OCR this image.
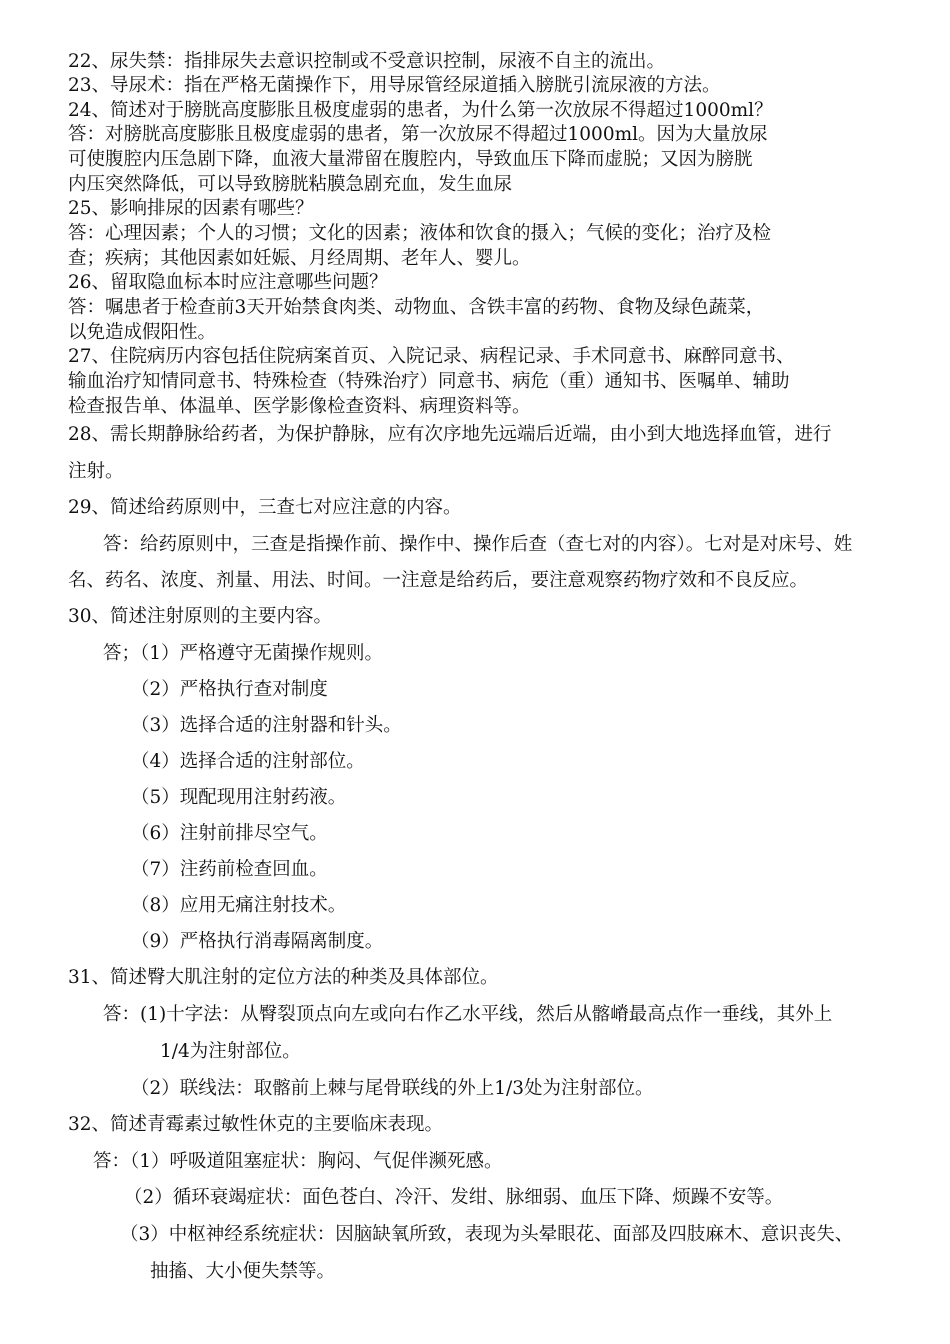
22、尿失禁：指排尿失去意识控制或不受意识控制，尿液不自主的流出。
23、导尿术：指在严格无菌操作下，用导尿管经尿道插入膀胱引流尿液的方法。
24、简述对于膀胱高度膨胀且极度虚弱的患者，为什么第一次放尿不得超过1000ml？
答：对膀胱高度膨胀且极度虚弱的患者，第一次放尿不得超过1000ml。因为大量放尿
可使腹腔内压急剧下降，血液大量滞留在腹腔内，导致血压下降而虚脱；又因为膀胱
内压突然降低，可以导致膀胱粘膜急剧充血，发生血尿
25、影响排尿的因素有哪些？
答：心理因素；个人的习惯；文化的因素；液体和饮食的摄入；气候的变化；治疗及检
查；疾病；其他因素如妊娠、月经周期、老年人、婴儿。
26、留取隐血标本时应注意哪些问题？
答：嘱患者于检查前3天开始禁食肉类、动物血、含铁丰富的药物、食物及绿色蔬菜，
以免造成假阳性。
27、住院病历内容包括住院病案首页、入院记录、病程记录、手术同意书、麻醉同意书、
输血治疗知情同意书、特殊检查（特殊治疗）同意书、病危（重）通知书、医嘱单、辅助
检查报告单、体温单、医学影像检查资料、病理资料等。
28、需长期静脉给药者，为保护静脉，应有次序地先远端后近端，由小到大地选择血管，进行
注射。
29、简述给药原则中，三查七对应注意的内容。
答：给药原则中，三查是指操作前、操作中、操作后查（查七对的内容）。七对是对床号、姓
名、药名、浓度、剂量、用法、时间。一注意是给药后，要注意观察药物疗效和不良反应。
30、简述注射原则的主要内容。
答；（1）严格遵守无菌操作规则。
（2）严格执行查对制度
（3）选择合适的注射器和针头。
（4）选择合适的注射部位。
（5）现配现用注射药液。
（6）注射前排尽空气。
（7）注药前检查回血。
（8）应用无痛注射技术。
（9）严格执行消毒隔离制度。
31、简述臀大肌注射的定位方法的种类及具体部位。
答：(1)十字法：从臀裂顶点向左或向右作乙水平线，然后从髂嵴最高点作一垂线，其外上
1/4为注射部位。
（2）联线法：取髂前上棘与尾骨联线的外上1/3处为注射部位。
32、简述青霉素过敏性休克的主要临床表现。
答：（1）呼吸道阻塞症状：胸闷、气促伴濒死感。
（2）循环衰竭症状：面色苍白、冷汗、发绀、脉细弱、血压下降、烦躁不安等。
（3）中枢神经系统症状：因脑缺氧所致，表现为头晕眼花、面部及四肢麻木、意识丧失、
抽搐、大小便失禁等。
